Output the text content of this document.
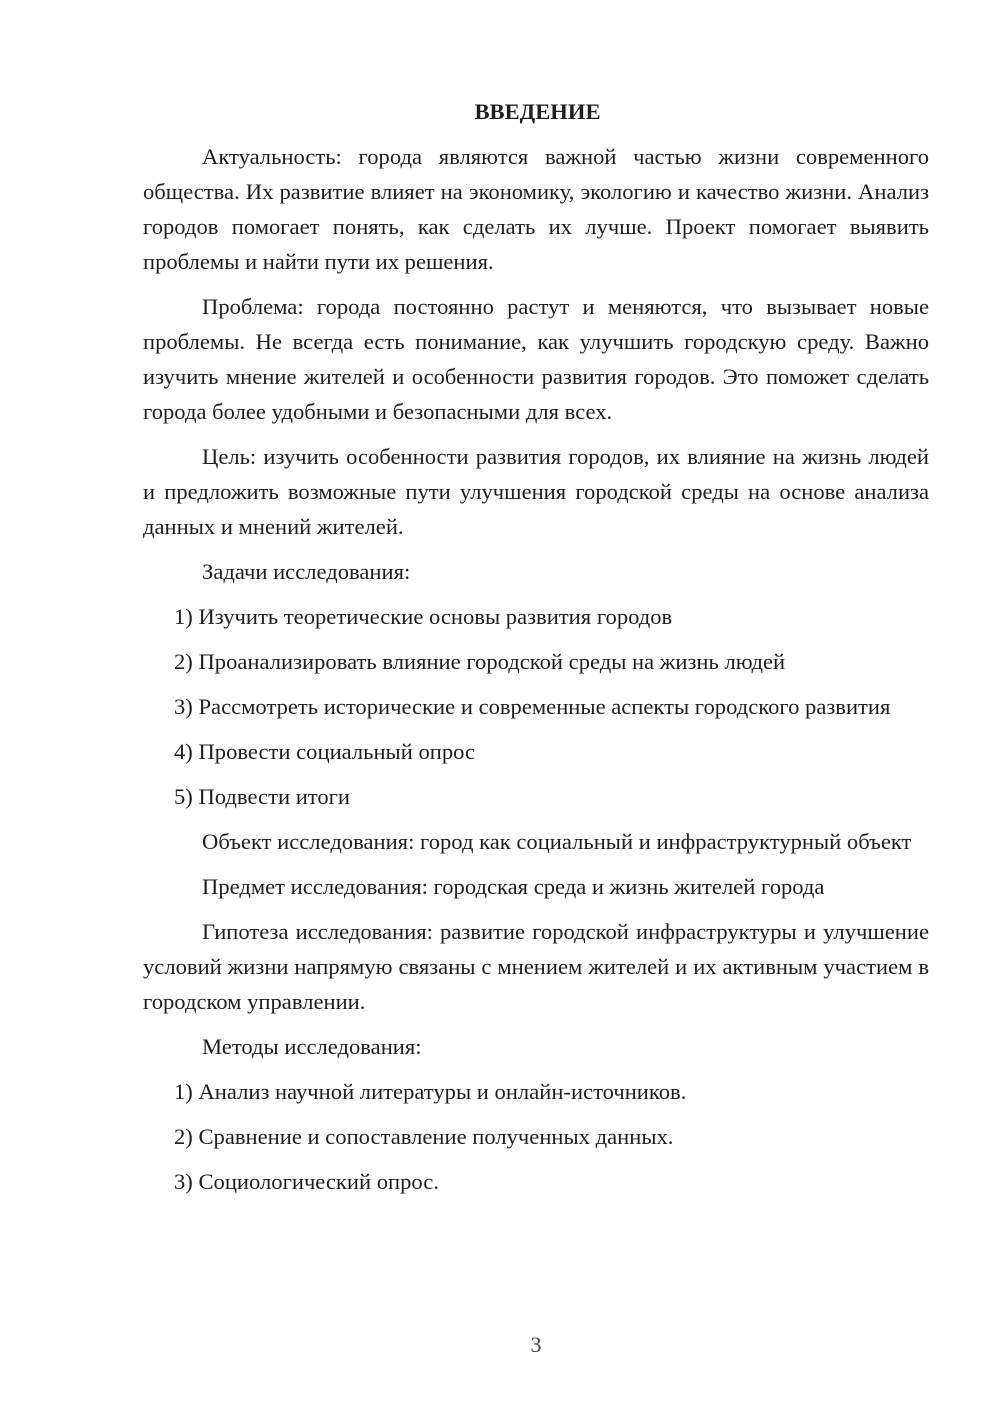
ВВЕДЕНИЕ

Актуальность: города являются важной частью жизни современного общества. Их развитие влияет на экономику, экологию и качество жизни. Анализ городов помогает понять, как сделать их лучше. Проект помогает выявить проблемы и найти пути их решения.

Проблема: города постоянно растут и меняются, что вызывает новые проблемы. Не всегда есть понимание, как улучшить городскую среду. Важно изучить мнение жителей и особенности развития городов. Это поможет сделать города более удобными и безопасными для всех.

Цель: изучить особенности развития городов, их влияние на жизнь людей и предложить возможные пути улучшения городской среды на основе анализа данных и мнений жителей.

Задачи исследования:

1) Изучить теоретические основы развития городов

2) Проанализировать влияние городской среды на жизнь людей

3) Рассмотреть исторические и современные аспекты городского развития

4) Провести социальный опрос

5) Подвести итоги

Объект исследования: город как социальный и инфраструктурный объект

Предмет исследования: городская среда и жизнь жителей города

Гипотеза исследования: развитие городской инфраструктуры и улучшение условий жизни напрямую связаны с мнением жителей и их активным участием в городском управлении.

Методы исследования:

1) Анализ научной литературы и онлайн-источников.

2) Сравнение и сопоставление полученных данных.

3) Социологический опрос.

3
